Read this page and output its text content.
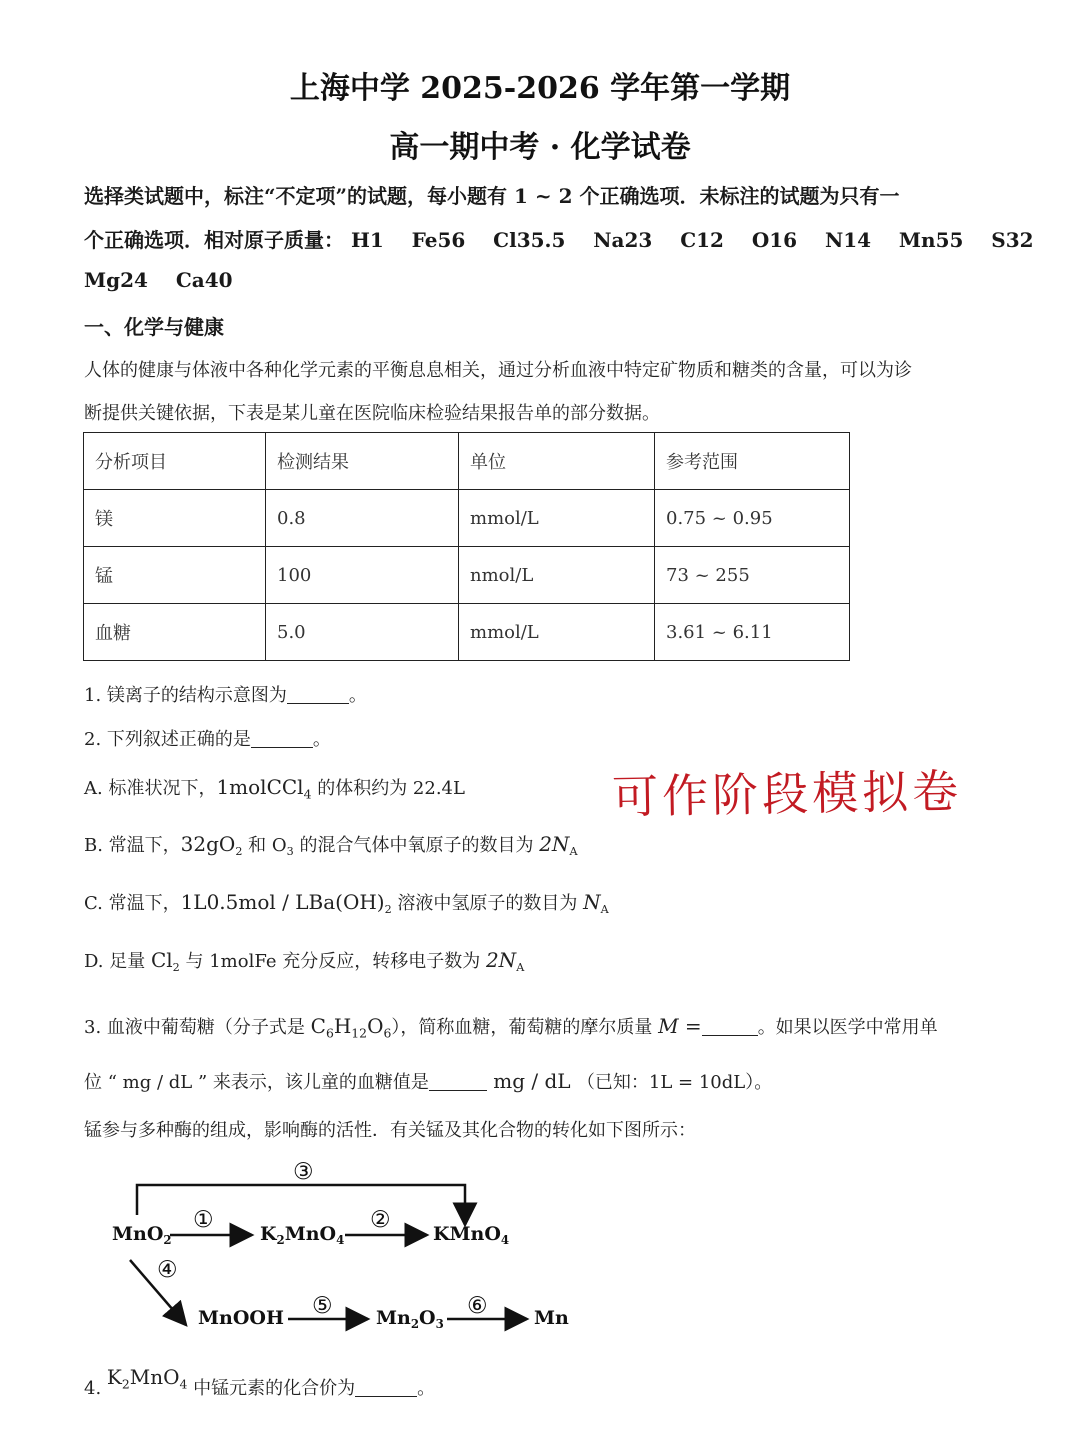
上海中学 2025-2026 学年第一学期
高一期中考 · 化学试卷
选择类试题中，标注“不定项”的试题，每小题有 1 ~ 2 个正确选项．未标注的试题为只有一
个正确选项．相对原子质量： H1 Fe56 Cl35.5 Na23 C12 O16 N14 Mn55 S32
Mg24 Ca40
一、化学与健康
人体的健康与体液中各种化学元素的平衡息息相关，通过分析血液中特定矿物质和糖类的含量，可以为诊
断提供关键依据，下表是某儿童在医院临床检验结果报告单的部分数据。
分析项目	检测结果	单位	参考范围
镁	0.8	mmol/L	0.75 ~ 0.95
锰	100	nmol/L	73 ~ 255
血糖	5.0	mmol/L	3.61 ~ 6.11
1. 镁离子的结构示意图为	。
2. 下列叙述正确的是	。
A. 标准状况下，1molCCl$_4$ 的体积约为 22.4L
B. 常温下，$32gO_2$ 和 $O_3$ 的混合气体中氧原子的数目为 $2N_A$
C. 常温下，$1L0.5mol / LBa(OH)_2$ 溶液中氢原子的数目为 $N_A$
D. 足量 $Cl_2$ 与 1molFe 充分反应，转移电子数为 $2N_A$
可作阶段模拟卷
3. 血液中葡萄糖（分子式是 $C_6H_{12}O_6$），简称血糖，葡萄糖的摩尔质量 M =	。如果以医学中常用单
位 “ mg / dL ” 来表示，该儿童的血糖值是	mg / dL （已知：1L = 10dL）。
锰参与多种酶的组成，影响酶的活性．有关锰及其化合物的转化如下图所示：
MnO$_2$	$K_2MnO_4$	KMnO$_4$
MnOOH	$Mn_2O_3$	Mn
①	②
③
④
⑤	⑥
4. $K_2MnO_4$ 中锰元素的化合价为	。
